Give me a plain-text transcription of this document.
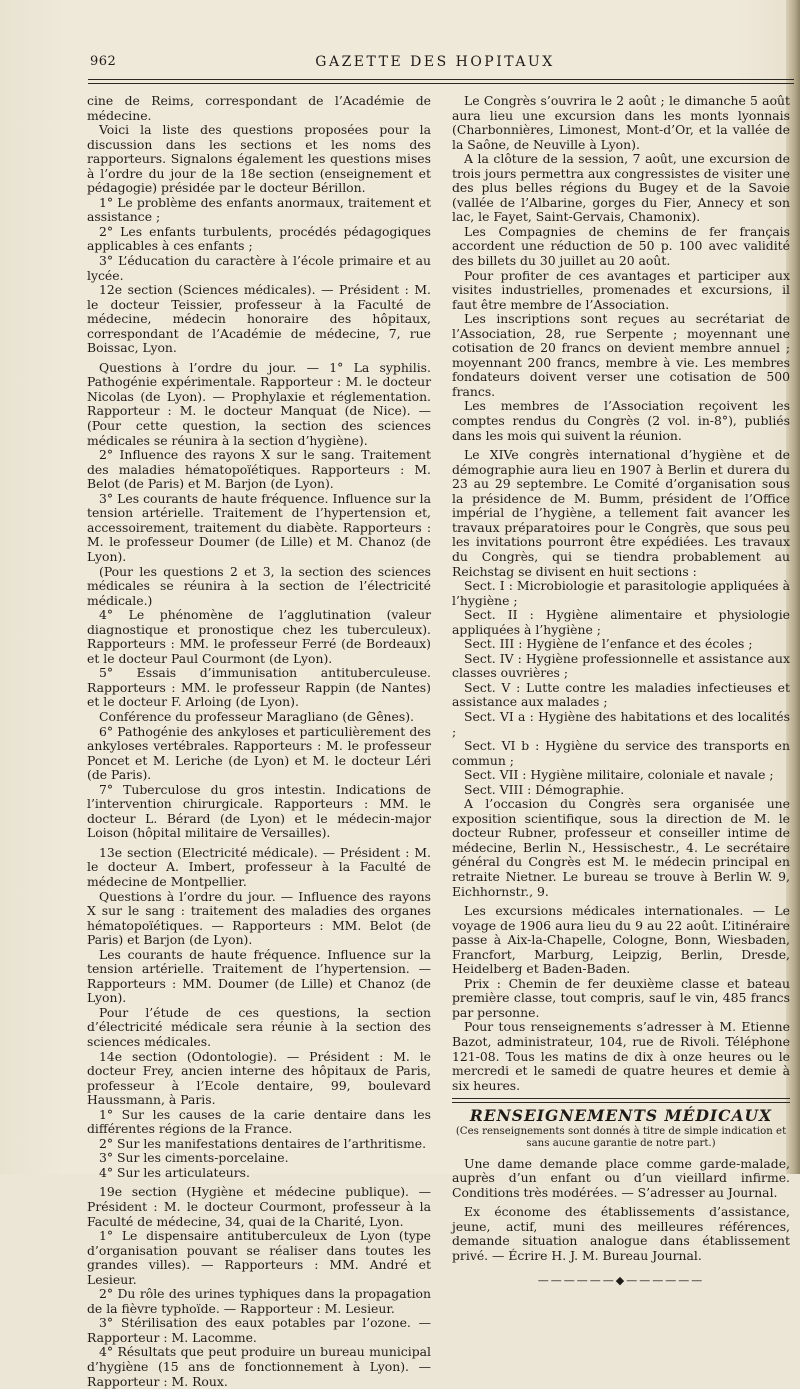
962	GAZETTE DES HOPITAUX

cine de Reims, correspondant de l’Académie de médecine.

Voici la liste des questions proposées pour la discussion dans les sections et les noms des rapporteurs. Signalons également les questions mises à l’ordre du jour de la 18e section (enseignement et pédagogie) présidée par le docteur Bérillon.

1° Le problème des enfants anormaux, traitement et assistance ;

2° Les enfants turbulents, procédés pédagogiques applicables à ces enfants ;

3° L’éducation du caractère à l’école primaire et au lycée.

12e section (Sciences médicales). — Président : M. le docteur Teissier, professeur à la Faculté de médecine, médecin honoraire des hôpitaux, correspondant de l’Académie de médecine, 7, rue Boissac, Lyon.

Questions à l’ordre du jour. — 1° La syphilis. Pathogénie expérimentale. Rapporteur : M. le docteur Nicolas (de Lyon). — Prophylaxie et réglementation. Rapporteur : M. le docteur Manquat (de Nice). — (Pour cette question, la section des sciences médicales se réunira à la section d’hygiène).

2° Influence des rayons X sur le sang. Traitement des maladies hématopoïétiques. Rapporteurs : M. Belot (de Paris) et M. Barjon (de Lyon).

3° Les courants de haute fréquence. Influence sur la tension artérielle. Traitement de l’hypertension et, accessoirement, traitement du diabète. Rapporteurs : M. le professeur Doumer (de Lille) et M. Chanoz (de Lyon).

(Pour les questions 2 et 3, la section des sciences médicales se réunira à la section de l’électricité médicale.)

4° Le phénomène de l’agglutination (valeur diagnostique et pronostique chez les tuberculeux). Rapporteurs : MM. le professeur Ferré (de Bordeaux) et le docteur Paul Courmont (de Lyon).

5° Essais d’immunisation antituberculeuse. Rapporteurs : MM. le professeur Rappin (de Nantes) et le docteur F. Arloing (de Lyon).

Conférence du professeur Maragliano (de Gênes).

6° Pathogénie des ankyloses et particulièrement des ankyloses vertébrales. Rapporteurs : M. le professeur Poncet et M. Leriche (de Lyon) et M. le docteur Léri (de Paris).

7° Tuberculose du gros intestin. Indications de l’intervention chirurgicale. Rapporteurs : MM. le docteur L. Bérard (de Lyon) et le médecin-major Loison (hôpital militaire de Versailles).

13e section (Electricité médicale). — Président : M. le docteur A. Imbert, professeur à la Faculté de médecine de Montpellier.

Questions à l’ordre du jour. — Influence des rayons X sur le sang : traitement des maladies des organes hématopoïétiques. — Rapporteurs : MM. Belot (de Paris) et Barjon (de Lyon).

Les courants de haute fréquence. Influence sur la tension artérielle. Traitement de l’hypertension. — Rapporteurs : MM. Doumer (de Lille) et Chanoz (de Lyon).

Pour l’étude de ces questions, la section d’électricité médicale sera réunie à la section des sciences médicales.

14e section (Odontologie). — Président : M. le docteur Frey, ancien interne des hôpitaux de Paris, professeur à l’Ecole dentaire, 99, boulevard Haussmann, à Paris.

1° Sur les causes de la carie dentaire dans les différentes régions de la France.

2° Sur les manifestations dentaires de l’arthritisme.

3° Sur les ciments-porcelaine.

4° Sur les articulateurs.

19e section (Hygiène et médecine publique). — Président : M. le docteur Courmont, professeur à la Faculté de médecine, 34, quai de la Charité, Lyon.

1° Le dispensaire antituberculeux de Lyon (type d’organisation pouvant se réaliser dans toutes les grandes villes). — Rapporteurs : MM. André et Lesieur.

2° Du rôle des urines typhiques dans la propagation de la fièvre typhoïde. — Rapporteur : M. Lesieur.

3° Stérilisation des eaux potables par l’ozone. — Rapporteur : M. Lacomme.

4° Résultats que peut produire un bureau municipal d’hygiène (15 ans de fonctionnement à Lyon). — Rapporteur : M. Roux.

Le Congrès s’ouvrira le 2 août ; le dimanche 5 août aura lieu une excursion dans les monts lyonnais (Charbonnières, Limonest, Mont-d’Or, et la vallée de la Saône, de Neuville à Lyon).

A la clôture de la session, 7 août, une excursion de trois jours permettra aux congressistes de visiter une des plus belles régions du Bugey et de la Savoie (vallée de l’Albarine, gorges du Fier, Annecy et son lac, le Fayet, Saint-Gervais, Chamonix).

Les Compagnies de chemins de fer français accordent une réduction de 50 p. 100 avec validité des billets du 30 juillet au 20 août.

Pour profiter de ces avantages et participer aux visites industrielles, promenades et excursions, il faut être membre de l’Association.

Les inscriptions sont reçues au secrétariat de l’Association, 28, rue Serpente ; moyennant une cotisation de 20 francs on devient membre annuel ; moyennant 200 francs, membre à vie. Les membres fondateurs doivent verser une cotisation de 500 francs.

Les membres de l’Association reçoivent les comptes rendus du Congrès (2 vol. in-8°), publiés dans les mois qui suivent la réunion.

Le XIVe congrès international d’hygiène et de démographie aura lieu en 1907 à Berlin et durera du 23 au 29 septembre. Le Comité d’organisation sous la présidence de M. Bumm, président de l’Office impérial de l’hygiène, a tellement fait avancer les travaux préparatoires pour le Congrès, que sous peu les invitations pourront être expédiées. Les travaux du Congrès, qui se tiendra probablement au Reichstag se divisent en huit sections :

Sect. I : Microbiologie et parasitologie appliquées à l’hygiène ;

Sect. II : Hygiène alimentaire et physiologie appliquées à l’hygiène ;

Sect. III : Hygiène de l’enfance et des écoles ;

Sect. IV : Hygiène professionnelle et assistance aux classes ouvrières ;

Sect. V : Lutte contre les maladies infectieuses et assistance aux malades ;

Sect. VI a : Hygiène des habitations et des localités ;

Sect. VI b : Hygiène du service des transports en commun ;

Sect. VII : Hygiène militaire, coloniale et navale ;

Sect. VIII : Démographie.

A l’occasion du Congrès sera organisée une exposition scientifique, sous la direction de M. le docteur Rubner, professeur et conseiller intime de médecine, Berlin N., Hessischestr., 4. Le secrétaire général du Congrès est M. le médecin principal en retraite Nietner. Le bureau se trouve à Berlin W. 9, Eichhornstr., 9.

Les excursions médicales internationales. — Le voyage de 1906 aura lieu du 9 au 22 août. L’itinéraire passe à Aix-la-Chapelle, Cologne, Bonn, Wiesbaden, Francfort, Marburg, Leipzig, Berlin, Dresde, Heidelberg et Baden-Baden.

Prix : Chemin de fer deuxième classe et bateau première classe, tout compris, sauf le vin, 485 francs par personne.

Pour tous renseignements s’adresser à M. Etienne Bazot, administrateur, 104, rue de Rivoli. Téléphone 121-08. Tous les matins de dix à onze heures ou le mercredi et le samedi de quatre heures et demie à six heures.

RENSEIGNEMENTS MÉDICAUX
(Ces renseignements sont donnés à titre de simple indication et sans aucune garantie de notre part.)

Une dame demande place comme garde-malade, auprès d’un enfant ou d’un vieillard infirme. Conditions très modérées. — S’adresser au Journal.

Ex économe des établissements d’assistance, jeune, actif, muni des meilleures références, demande situation analogue dans établissement privé. — Écrire H. J. M. Bureau Journal.

——————◆——————
